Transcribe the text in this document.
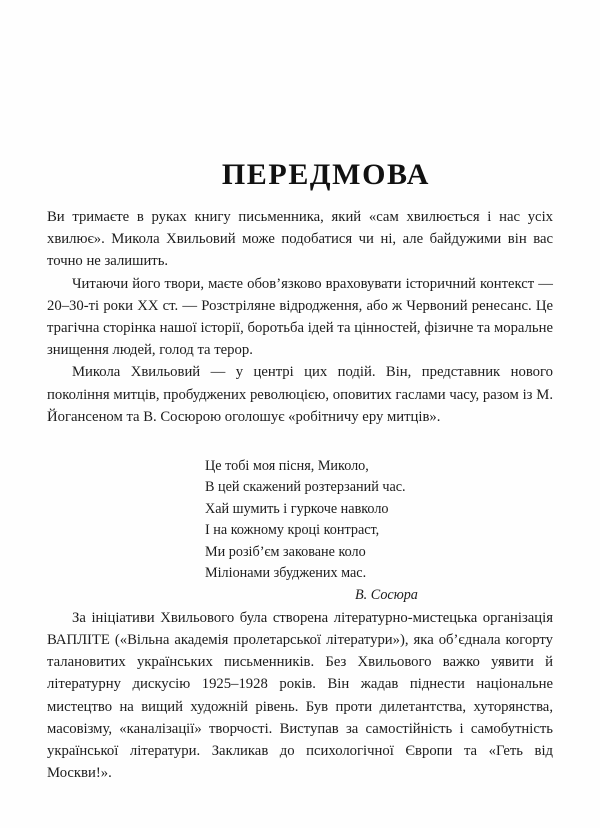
ПЕРЕДМОВА

Ви тримаєте в руках книгу письменника, який «сам хвилюється і нас усіх хвилює». Микола Хвильовий може подобатися чи ні, але байдужими він вас точно не залишить.

Читаючи його твори, маєте обов’язково враховувати історичний контекст — 20–30-ті роки XX ст. — Розстріляне відродження, або ж Червоний ренесанс. Це трагічна сторінка нашої історії, боротьба ідей та цінностей, фізичне та моральне знищення людей, голод та терор.

Микола Хвильовий — у центрі цих подій. Він, представник нового покоління митців, пробуджених революцією, оповитих гаслами часу, разом із М. Йогансеном та В. Сосюрою оголошує «робітничу еру митців».

Це тобі моя пісня, Миколо,
В цей скажений розтерзаний час.
Хай шумить і гуркоче навколо
І на кожному кроці контраст,
Ми розіб’єм заковане коло
Міліонами збуджених мас.
В. Сосюра

За ініціативи Хвильового була створена літературно-мистецька організація ВАПЛІТЕ («Вільна академія пролетарської літератури»), яка об’єднала когорту талановитих українських письменників. Без Хвильового важко уявити й літературну дискусію 1925–1928 років. Він жадав піднести національне мистецтво на вищий художній рівень. Був проти дилетантства, хуторянства, масовізму, «каналізації» творчості. Виступав за самостійність і самобутність української літератури. Закликав до психологічної Європи та «Геть від Москви!».
